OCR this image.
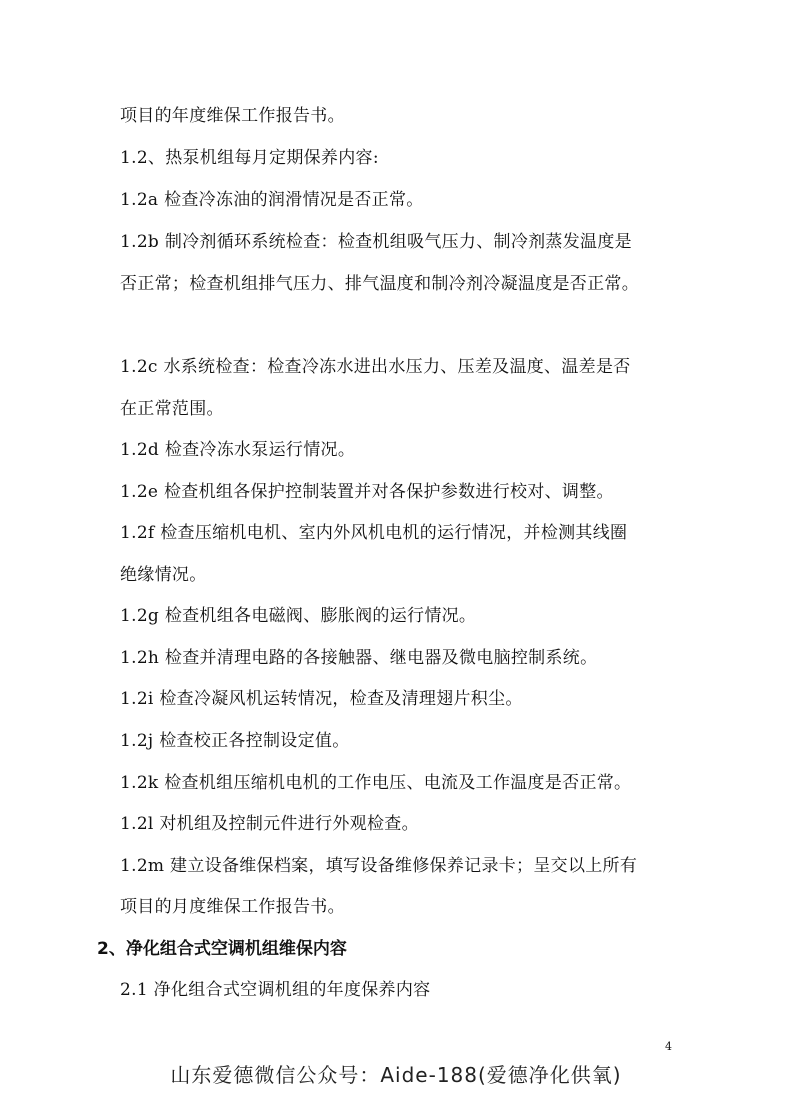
项目的年度维保工作报告书。

1.2、热泵机组每月定期保养内容:

1.2a 检查冷冻油的润滑情况是否正常。

1.2b 制冷剂循环系统检查：检查机组吸气压力、制冷剂蒸发温度是

否正常；检查机组排气压力、排气温度和制冷剂冷凝温度是否正常。

1.2c 水系统检查：检查冷冻水进出水压力、压差及温度、温差是否

在正常范围。

1.2d 检查冷冻水泵运行情况。

1.2e 检查机组各保护控制装置并对各保护参数进行校对、调整。

1.2f 检查压缩机电机、室内外风机电机的运行情况，并检测其线圈

绝缘情况。

1.2g 检查机组各电磁阀、膨胀阀的运行情况。

1.2h 检查并清理电路的各接触器、继电器及微电脑控制系统。

1.2i 检查冷凝风机运转情况，检查及清理翅片积尘。

1.2j 检查校正各控制设定值。

1.2k 检查机组压缩机电机的工作电压、电流及工作温度是否正常。

1.2l 对机组及控制元件进行外观检查。

1.2m 建立设备维保档案，填写设备维修保养记录卡；呈交以上所有

项目的月度维保工作报告书。

2、净化组合式空调机组维保内容

2.1 净化组合式空调机组的年度保养内容

4
山东爱德微信公众号：Aide-188(爱德净化供氧)
